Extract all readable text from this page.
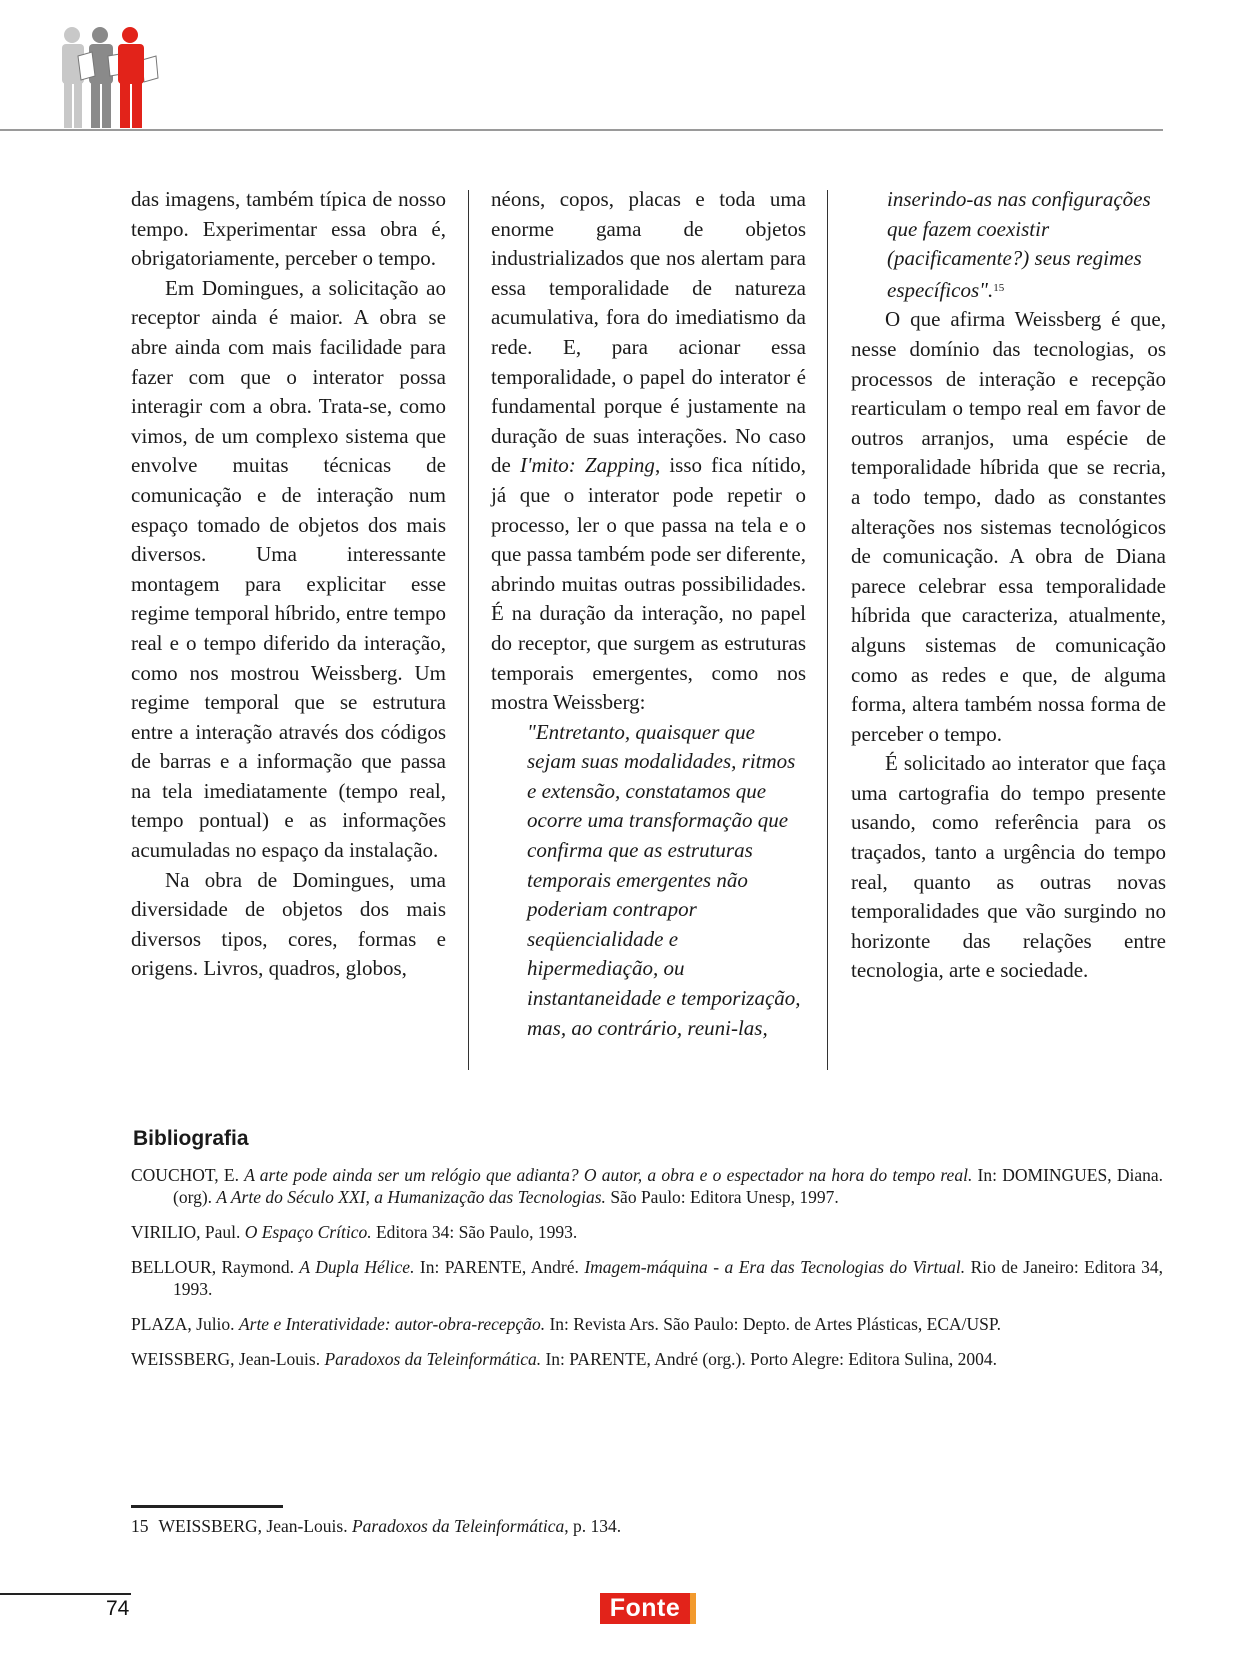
das imagens, também típica de nosso tempo. Experimentar essa obra é, obrigatoriamente, perceber o tempo.

Em Domingues, a solicitação ao receptor ainda é maior. A obra se abre ainda com mais facilidade para fazer com que o interator possa interagir com a obra. Trata-se, como vimos, de um complexo sistema que envolve muitas técnicas de comunicação e de interação num espaço tomado de objetos dos mais diversos. Uma interessante montagem para explicitar esse regime temporal híbrido, entre tempo real e o tempo diferido da interação, como nos mostrou Weissberg. Um regime temporal que se estrutura entre a interação através dos códigos de barras e a informação que passa na tela imediatamente (tempo real, tempo pontual) e as informações acumuladas no espaço da instalação.

Na obra de Domingues, uma diversidade de objetos dos mais diversos tipos, cores, formas e origens. Livros, quadros, globos,

néons, copos, placas e toda uma enorme gama de objetos industrializados que nos alertam para essa temporalidade de natureza acumulativa, fora do imediatismo da rede. E, para acionar essa temporalidade, o papel do interator é fundamental porque é justamente na duração de suas interações. No caso de I'mito: Zapping, isso fica nítido, já que o interator pode repetir o processo, ler o que passa na tela e o que passa também pode ser diferente, abrindo muitas outras possibilidades. É na duração da interação, no papel do receptor, que surgem as estruturas temporais emergentes, como nos mostra Weissberg:

"Entretanto, quaisquer que sejam suas modalidades, ritmos e extensão, constatamos que ocorre uma transformação que confirma que as estruturas temporais emergentes não poderiam contrapor seqüencialidade e hipermediação, ou instantaneidade e temporização, mas, ao contrário, reuni-las,

inserindo-as nas configurações que fazem coexistir (pacificamente?) seus regimes específicos".$^{15}$

O que afirma Weissberg é que, nesse domínio das tecnologias, os processos de interação e recepção rearticulam o tempo real em favor de outros arranjos, uma espécie de temporalidade híbrida que se recria, a todo tempo, dado as constantes alterações nos sistemas tecnológicos de comunicação. A obra de Diana parece celebrar essa temporalidade híbrida que caracteriza, atualmente, alguns sistemas de comunicação como as redes e que, de alguma forma, altera também nossa forma de perceber o tempo.

É solicitado ao interator que faça uma cartografia do tempo presente usando, como referência para os traçados, tanto a urgência do tempo real, quanto as outras novas temporalidades que vão surgindo no horizonte das relações entre tecnologia, arte e sociedade.

Bibliografia

COUCHOT, E. A arte pode ainda ser um relógio que adianta? O autor, a obra e o espectador na hora do tempo real. In: DOMINGUES, Diana. (org). A Arte do Século XXI, a Humanização das Tecnologias. São Paulo: Editora Unesp, 1997.

VIRILIO, Paul. O Espaço Crítico. Editora 34: São Paulo, 1993.

BELLOUR, Raymond. A Dupla Hélice. In: PARENTE, André. Imagem-máquina - a Era das Tecnologias do Virtual. Rio de Janeiro: Editora 34, 1993.

PLAZA, Julio. Arte e Interatividade: autor-obra-recepção. In: Revista Ars. São Paulo: Depto. de Artes Plásticas, ECA/USP.

WEISSBERG, Jean-Louis. Paradoxos da Teleinformática. In: PARENTE, André (org.). Porto Alegre: Editora Sulina, 2004.

15 WEISSBERG, Jean-Louis. Paradoxos da Teleinformática, p. 134.
74	Fonte
